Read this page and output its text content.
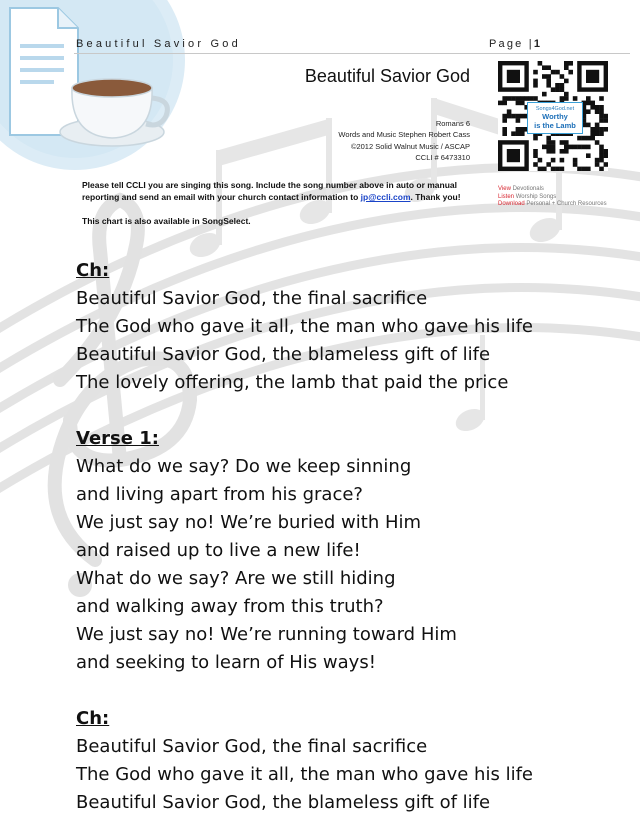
Beautiful Savior God	Page |1
Beautiful Savior God
Romans 6
Words and Music Stephen Robert Cass
©2012 Solid Walnut Music / ASCAP
CCLI # 6473310
Please tell CCLI you are singing this song. Include the song number above in auto or manual reporting and send an email with your church contact information to jp@ccli.com. Thank you!
This chart is also available in SongSelect.
Songs4God.net
Worthy
is the Lamb
View Devotionals
Listen Worship Songs
Download Personal + Church Resources
Ch:
Beautiful Savior God, the final sacrifice
The God who gave it all, the man who gave his life
Beautiful Savior God, the blameless gift of life
The lovely offering, the lamb that paid the price
Verse 1:
What do we say? Do we keep sinning
and living apart from his grace?
We just say no! We’re buried with Him
and raised up to live a new life!
What do we say? Are we still hiding
and walking away from this truth?
We just say no! We’re running toward Him
and seeking to learn of His ways!
Ch:
Beautiful Savior God, the final sacrifice
The God who gave it all, the man who gave his life
Beautiful Savior God, the blameless gift of life
